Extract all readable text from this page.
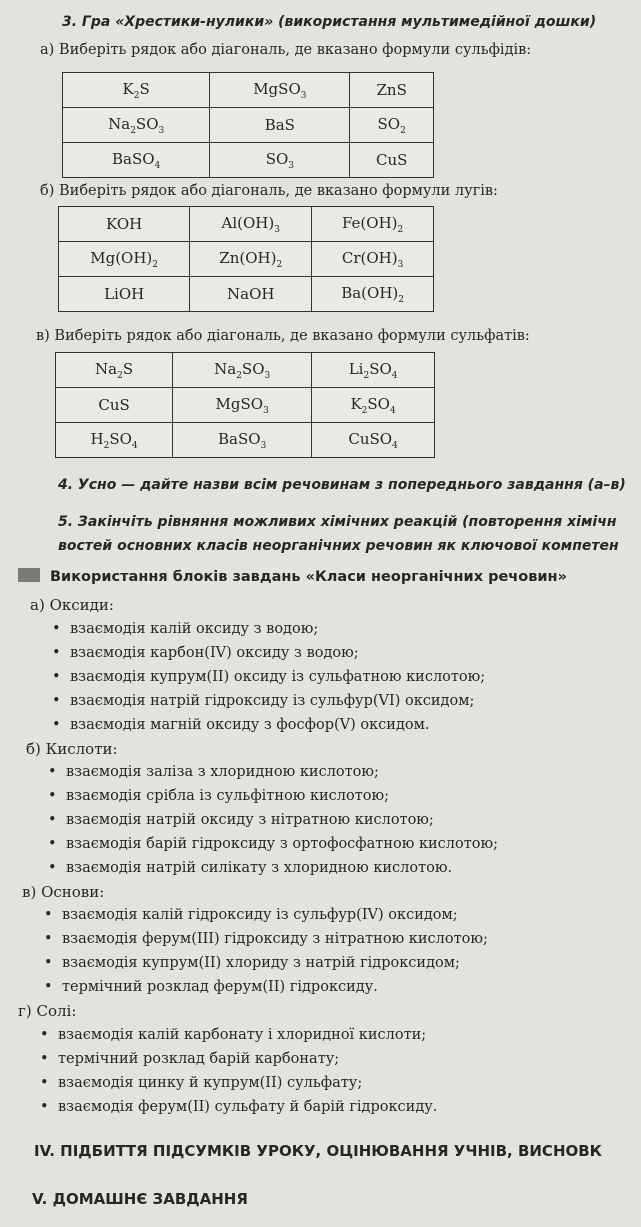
3. Гра «Хрестики-нулики» (використання мультимедійної дошки)
а) Виберіть рядок або діагональ, де вказано формули сульфідів:
$K_2S$	MgSO$_3$	ZnS
$Na_2SO_3$	BaS	$SO_2$
BaSO$_4$	$SO_3$	CuS
б) Виберіть рядок або діагональ, де вказано формули лугів:
KOH	$Al(OH)_3$	$Fe(OH)_2$
$Mg(OH)_2$	$Zn(OH)_2$	$Cr(OH)_3$
LiOH	NaOH	$Ba(OH)_2$
в) Виберіть рядок або діагональ, де вказано формули сульфатів:
$Na_2S$	$Na_2SO_3$	$Li_2SO_4$
CuS	MgSO$_3$	$K_2SO_4$
$H_2SO_4$	BaSO$_3$	CuSO$_4$
4. Усно — дайте назви всім речовинам з попереднього завдання (а–в)
5. Закінчіть рівняння можливих хімічних реакцій (повторення хімічн
востей основних класів неорганічних речовин як ключової компетен
Використання блоків завдань «Класи неорганічних речовин»
а) Оксиди:
• взаємодія калій оксиду з водою;
• взаємодія карбон(IV) оксиду з водою;
• взаємодія купрум(II) оксиду із сульфатною кислотою;
• взаємодія натрій гідроксиду із сульфур(VI) оксидом;
• взаємодія магній оксиду з фосфор(V) оксидом.
б) Кислоти:
• взаємодія заліза з хлоридною кислотою;
• взаємодія срібла із сульфітною кислотою;
• взаємодія натрій оксиду з нітратною кислотою;
• взаємодія барій гідроксиду з ортофосфатною кислотою;
• взаємодія натрій силікату з хлоридною кислотою.
в) Основи:
• взаємодія калій гідроксиду із сульфур(IV) оксидом;
• взаємодія ферум(III) гідроксиду з нітратною кислотою;
• взаємодія купрум(II) хлориду з натрій гідроксидом;
• термічний розклад ферум(II) гідроксиду.
г) Солі:
• взаємодія калій карбонату і хлоридної кислоти;
• термічний розклад барій карбонату;
• взаємодія цинку й купрум(II) сульфату;
• взаємодія ферум(II) сульфату й барій гідроксиду.
IV. ПІДБИТТЯ ПІДСУМКІВ УРОКУ, ОЦІНЮВАННЯ УЧНІВ, ВИСНОВК
V. ДОМАШНЄ ЗАВДАННЯ
